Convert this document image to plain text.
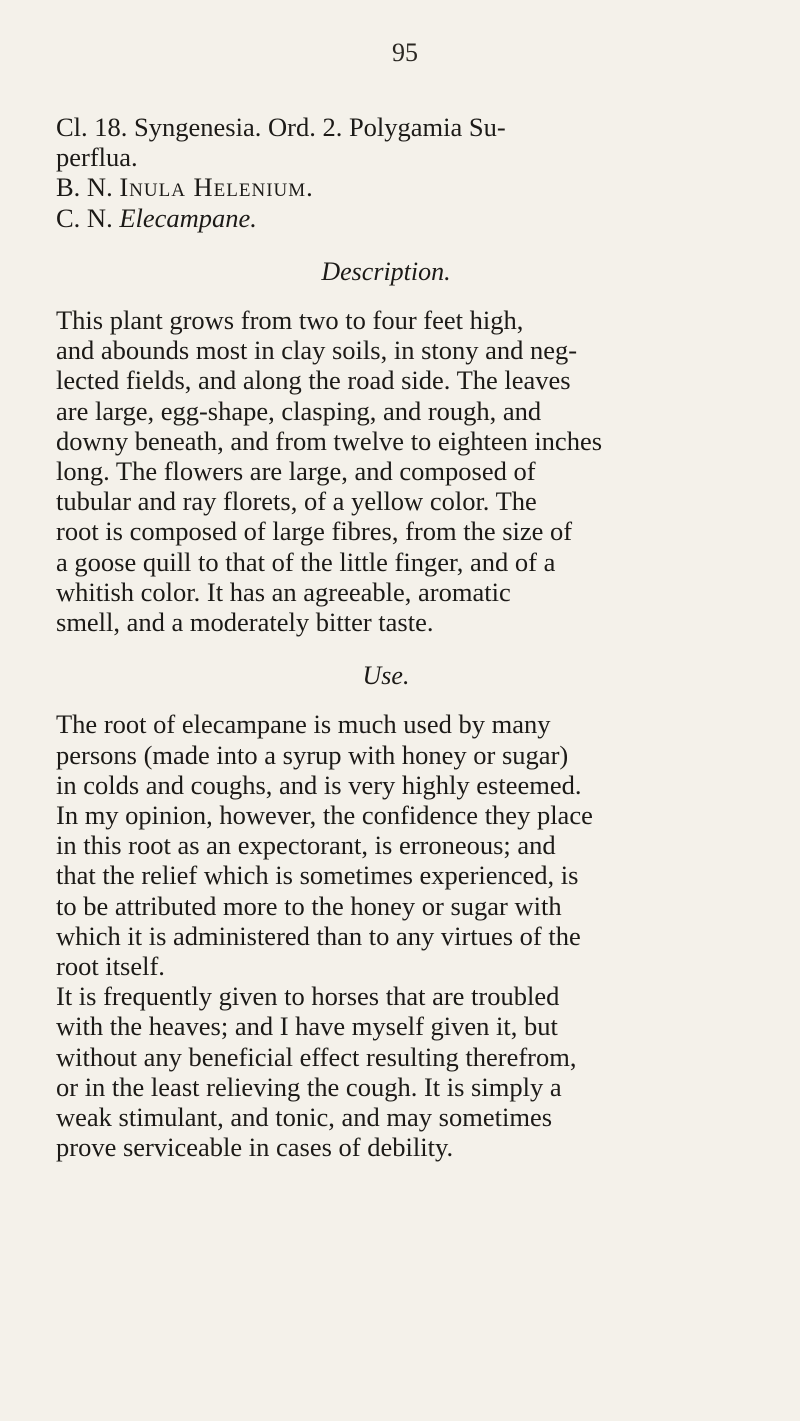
95
Cl. 18. Syngenesia. Ord. 2. Polygamia Su-
perflua.
B. N. Inula Helenium.
C. N. Elecampane.
Description.
This plant grows from two to four feet high,
and abounds most in clay soils, in stony and neg-
lected fields, and along the road side. The leaves
are large, egg-shape, clasping, and rough, and
downy beneath, and from twelve to eighteen inches
long. The flowers are large, and composed of
tubular and ray florets, of a yellow color. The
root is composed of large fibres, from the size of
a goose quill to that of the little finger, and of a
whitish color. It has an agreeable, aromatic
smell, and a moderately bitter taste.
Use.
The root of elecampane is much used by many
persons (made into a syrup with honey or sugar)
in colds and coughs, and is very highly esteemed.
In my opinion, however, the confidence they place
in this root as an expectorant, is erroneous; and
that the relief which is sometimes experienced, is
to be attributed more to the honey or sugar with
which it is administered than to any virtues of the
root itself.
It is frequently given to horses that are troubled
with the heaves; and I have myself given it, but
without any beneficial effect resulting therefrom,
or in the least relieving the cough. It is simply a
weak stimulant, and tonic, and may sometimes
prove serviceable in cases of debility.
